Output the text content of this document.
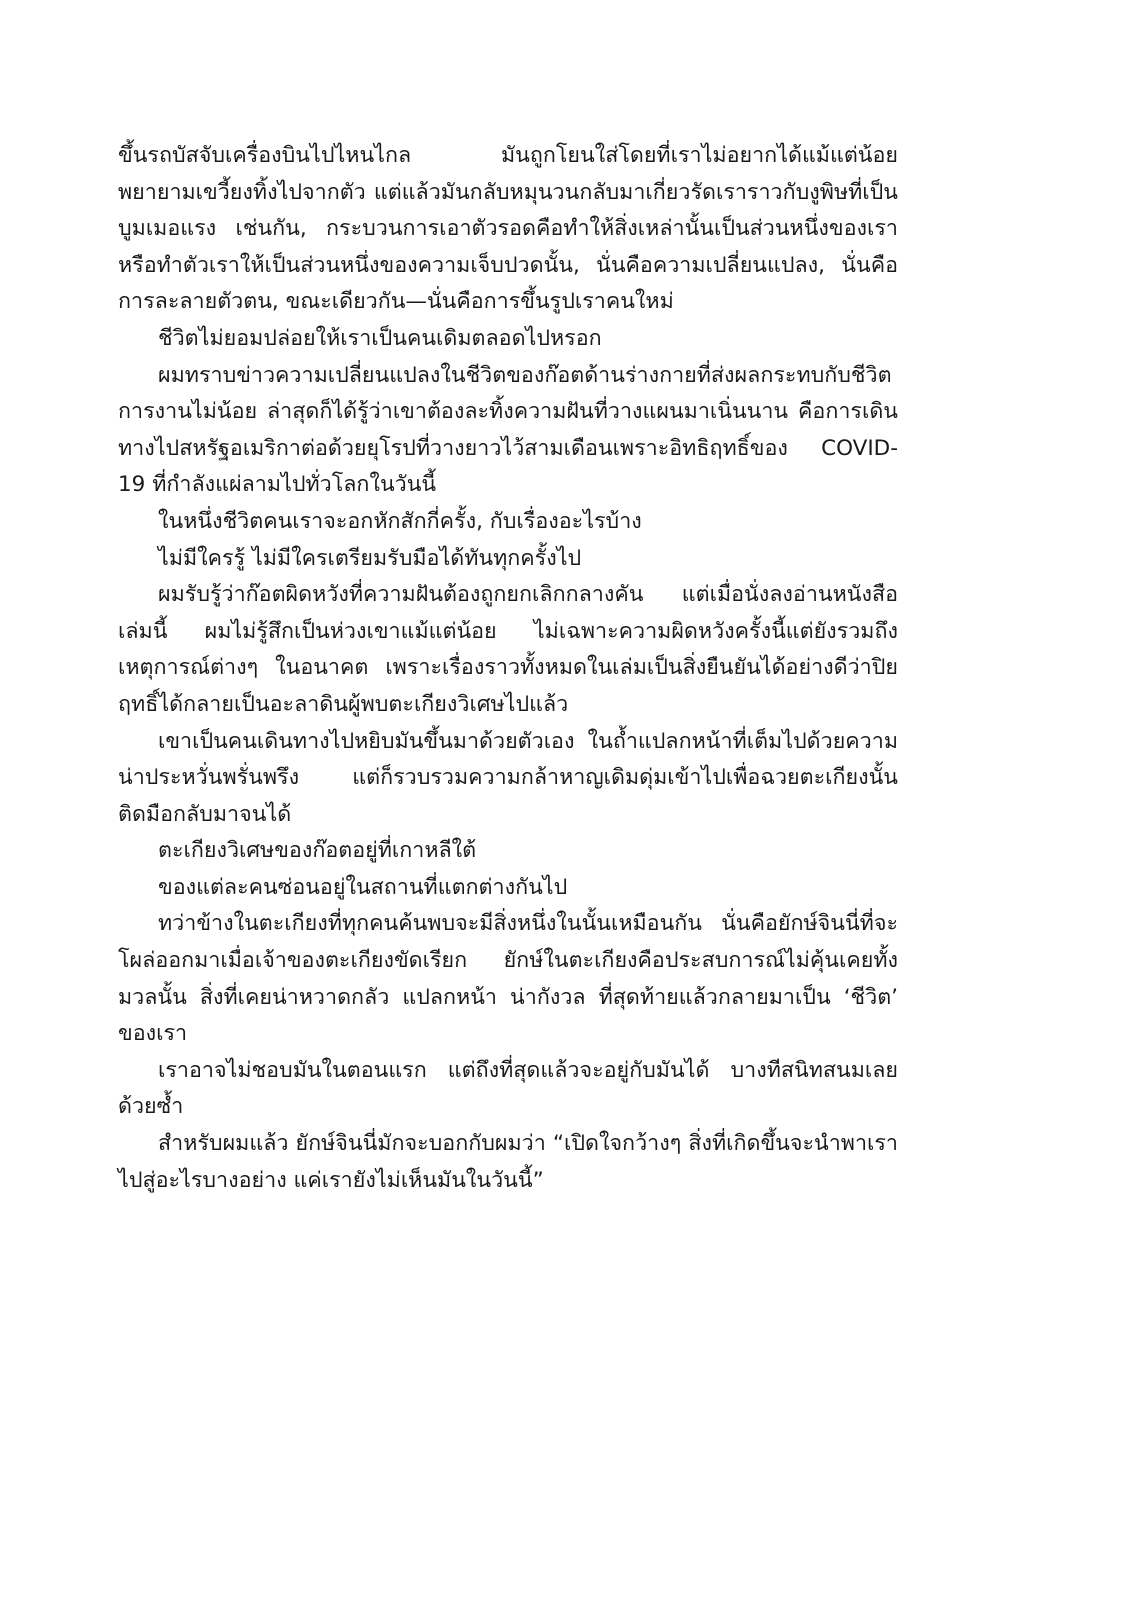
ขึ้นรถบัสจับเครื่องบินไปไหนไกล มันถูกโยนใส่โดยที่เราไม่อยากได้แม้แต่น้อย พยายามเขวี้ยงทิ้งไปจากตัว แต่แล้วมันกลับหมุนวนกลับมาเกี่ยวรัดเราราวกับงูพิษที่เป็นบูมเมอแรง เช่นกัน, กระบวนการเอาตัวรอดคือทำให้สิ่งเหล่านั้นเป็นส่วนหนึ่งของเรา หรือทำตัวเราให้เป็นส่วนหนึ่งของความเจ็บปวดนั้น, นั่นคือความเปลี่ยนแปลง, นั่นคือการละลายตัวตน, ขณะเดียวกัน—นั่นคือการขึ้นรูปเราคนใหม่

ชีวิตไม่ยอมปล่อยให้เราเป็นคนเดิมตลอดไปหรอก

ผมทราบข่าวความเปลี่ยนแปลงในชีวิตของก๊อตด้านร่างกายที่ส่งผลกระทบกับชีวิตการงานไม่น้อย ล่าสุดก็ได้รู้ว่าเขาต้องละทิ้งความฝันที่วางแผนมาเนิ่นนาน คือการเดินทางไปสหรัฐอเมริกาต่อด้วยยุโรปที่วางยาวไว้สามเดือนเพราะอิทธิฤทธิ์ของ COVID-19 ที่กำลังแผ่ลามไปทั่วโลกในวันนี้

ในหนึ่งชีวิตคนเราจะอกหักสักกี่ครั้ง, กับเรื่องอะไรบ้าง

ไม่มีใครรู้ ไม่มีใครเตรียมรับมือได้ทันทุกครั้งไป

ผมรับรู้ว่าก๊อตผิดหวังที่ความฝันต้องถูกยกเลิกกลางคัน แต่เมื่อนั่งลงอ่านหนังสือเล่มนี้ ผมไม่รู้สึกเป็นห่วงเขาแม้แต่น้อย ไม่เฉพาะความผิดหวังครั้งนี้แต่ยังรวมถึงเหตุการณ์ต่างๆ ในอนาคต เพราะเรื่องราวทั้งหมดในเล่มเป็นสิ่งยืนยันได้อย่างดีว่าปิยฤทธิ์ได้กลายเป็นอะลาดินผู้พบตะเกียงวิเศษไปแล้ว

เขาเป็นคนเดินทางไปหยิบมันขึ้นมาด้วยตัวเอง ในถ้ำแปลกหน้าที่เต็มไปด้วยความน่าประหวั่นพรั่นพรึง แต่ก็รวบรวมความกล้าหาญเดิมดุ่มเข้าไปเพื่อฉวยตะเกียงนั้นติดมือกลับมาจนได้

ตะเกียงวิเศษของก๊อตอยู่ที่เกาหลีใต้

ของแต่ละคนซ่อนอยู่ในสถานที่แตกต่างกันไป

ทว่าข้างในตะเกียงที่ทุกคนค้นพบจะมีสิ่งหนึ่งในนั้นเหมือนกัน นั่นคือยักษ์จินนี่ที่จะโผล่ออกมาเมื่อเจ้าของตะเกียงขัดเรียก ยักษ์ในตะเกียงคือประสบการณ์ไม่คุ้นเคยทั้งมวลนั้น สิ่งที่เคยน่าหวาดกลัว แปลกหน้า น่ากังวล ที่สุดท้ายแล้วกลายมาเป็น ‘ชีวิต’ ของเรา

เราอาจไม่ชอบมันในตอนแรก แต่ถึงที่สุดแล้วจะอยู่กับมันได้ บางทีสนิทสนมเลยด้วยซ้ำ

สำหรับผมแล้ว ยักษ์จินนี่มักจะบอกกับผมว่า “เปิดใจกว้างๆ สิ่งที่เกิดขึ้นจะนำพาเราไปสู่อะไรบางอย่าง แค่เรายังไม่เห็นมันในวันนี้”
